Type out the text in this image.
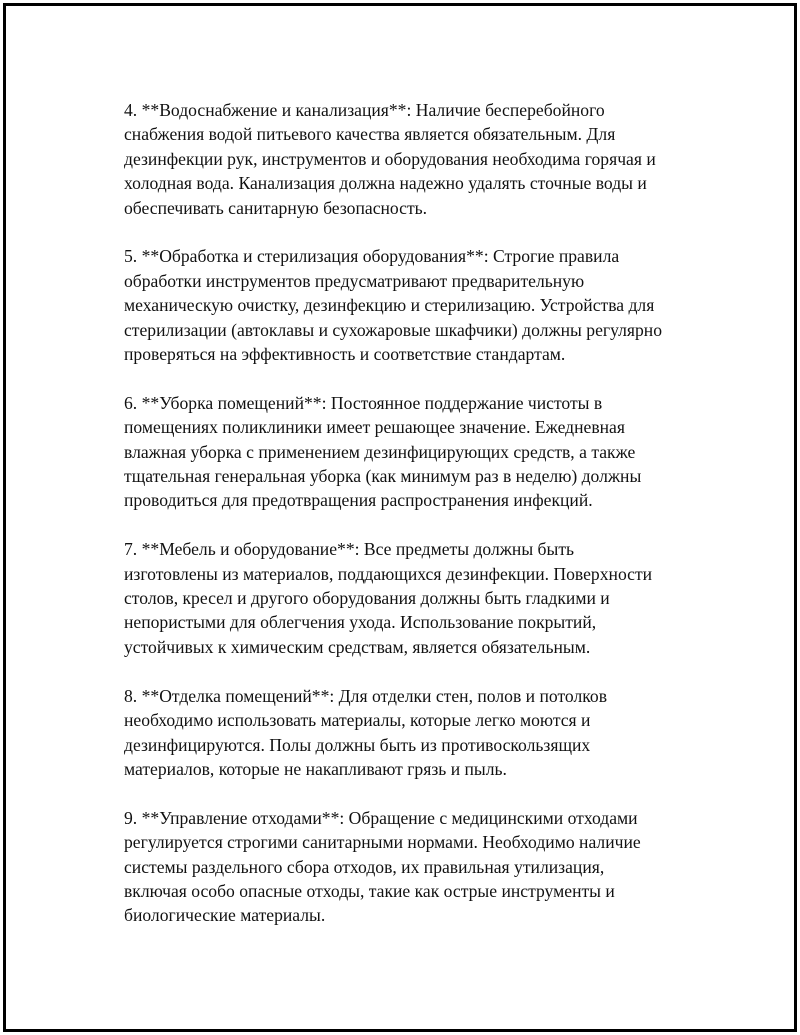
4. **Водоснабжение и канализация**: Наличие бесперебойного
снабжения водой питьевого качества является обязательным. Для
дезинфекции рук, инструментов и оборудования необходима горячая и
холодная вода. Канализация должна надежно удалять сточные воды и
обеспечивать санитарную безопасность.

5. **Обработка и стерилизация оборудования**: Строгие правила
обработки инструментов предусматривают предварительную
механическую очистку, дезинфекцию и стерилизацию. Устройства для
стерилизации (автоклавы и сухожаровые шкафчики) должны регулярно
проверяться на эффективность и соответствие стандартам.

6. **Уборка помещений**: Постоянное поддержание чистоты в
помещениях поликлиники имеет решающее значение. Ежедневная
влажная уборка с применением дезинфицирующих средств, а также
тщательная генеральная уборка (как минимум раз в неделю) должны
проводиться для предотвращения распространения инфекций.

7. **Мебель и оборудование**: Все предметы должны быть
изготовлены из материалов, поддающихся дезинфекции. Поверхности
столов, кресел и другого оборудования должны быть гладкими и
непористыми для облегчения ухода. Использование покрытий,
устойчивых к химическим средствам, является обязательным.

8. **Отделка помещений**: Для отделки стен, полов и потолков
необходимо использовать материалы, которые легко моются и
дезинфицируются. Полы должны быть из противоскользящих
материалов, которые не накапливают грязь и пыль.

9. **Управление отходами**: Обращение с медицинскими отходами
регулируется строгими санитарными нормами. Необходимо наличие
системы раздельного сбора отходов, их правильная утилизация,
включая особо опасные отходы, такие как острые инструменты и
биологические материалы.
